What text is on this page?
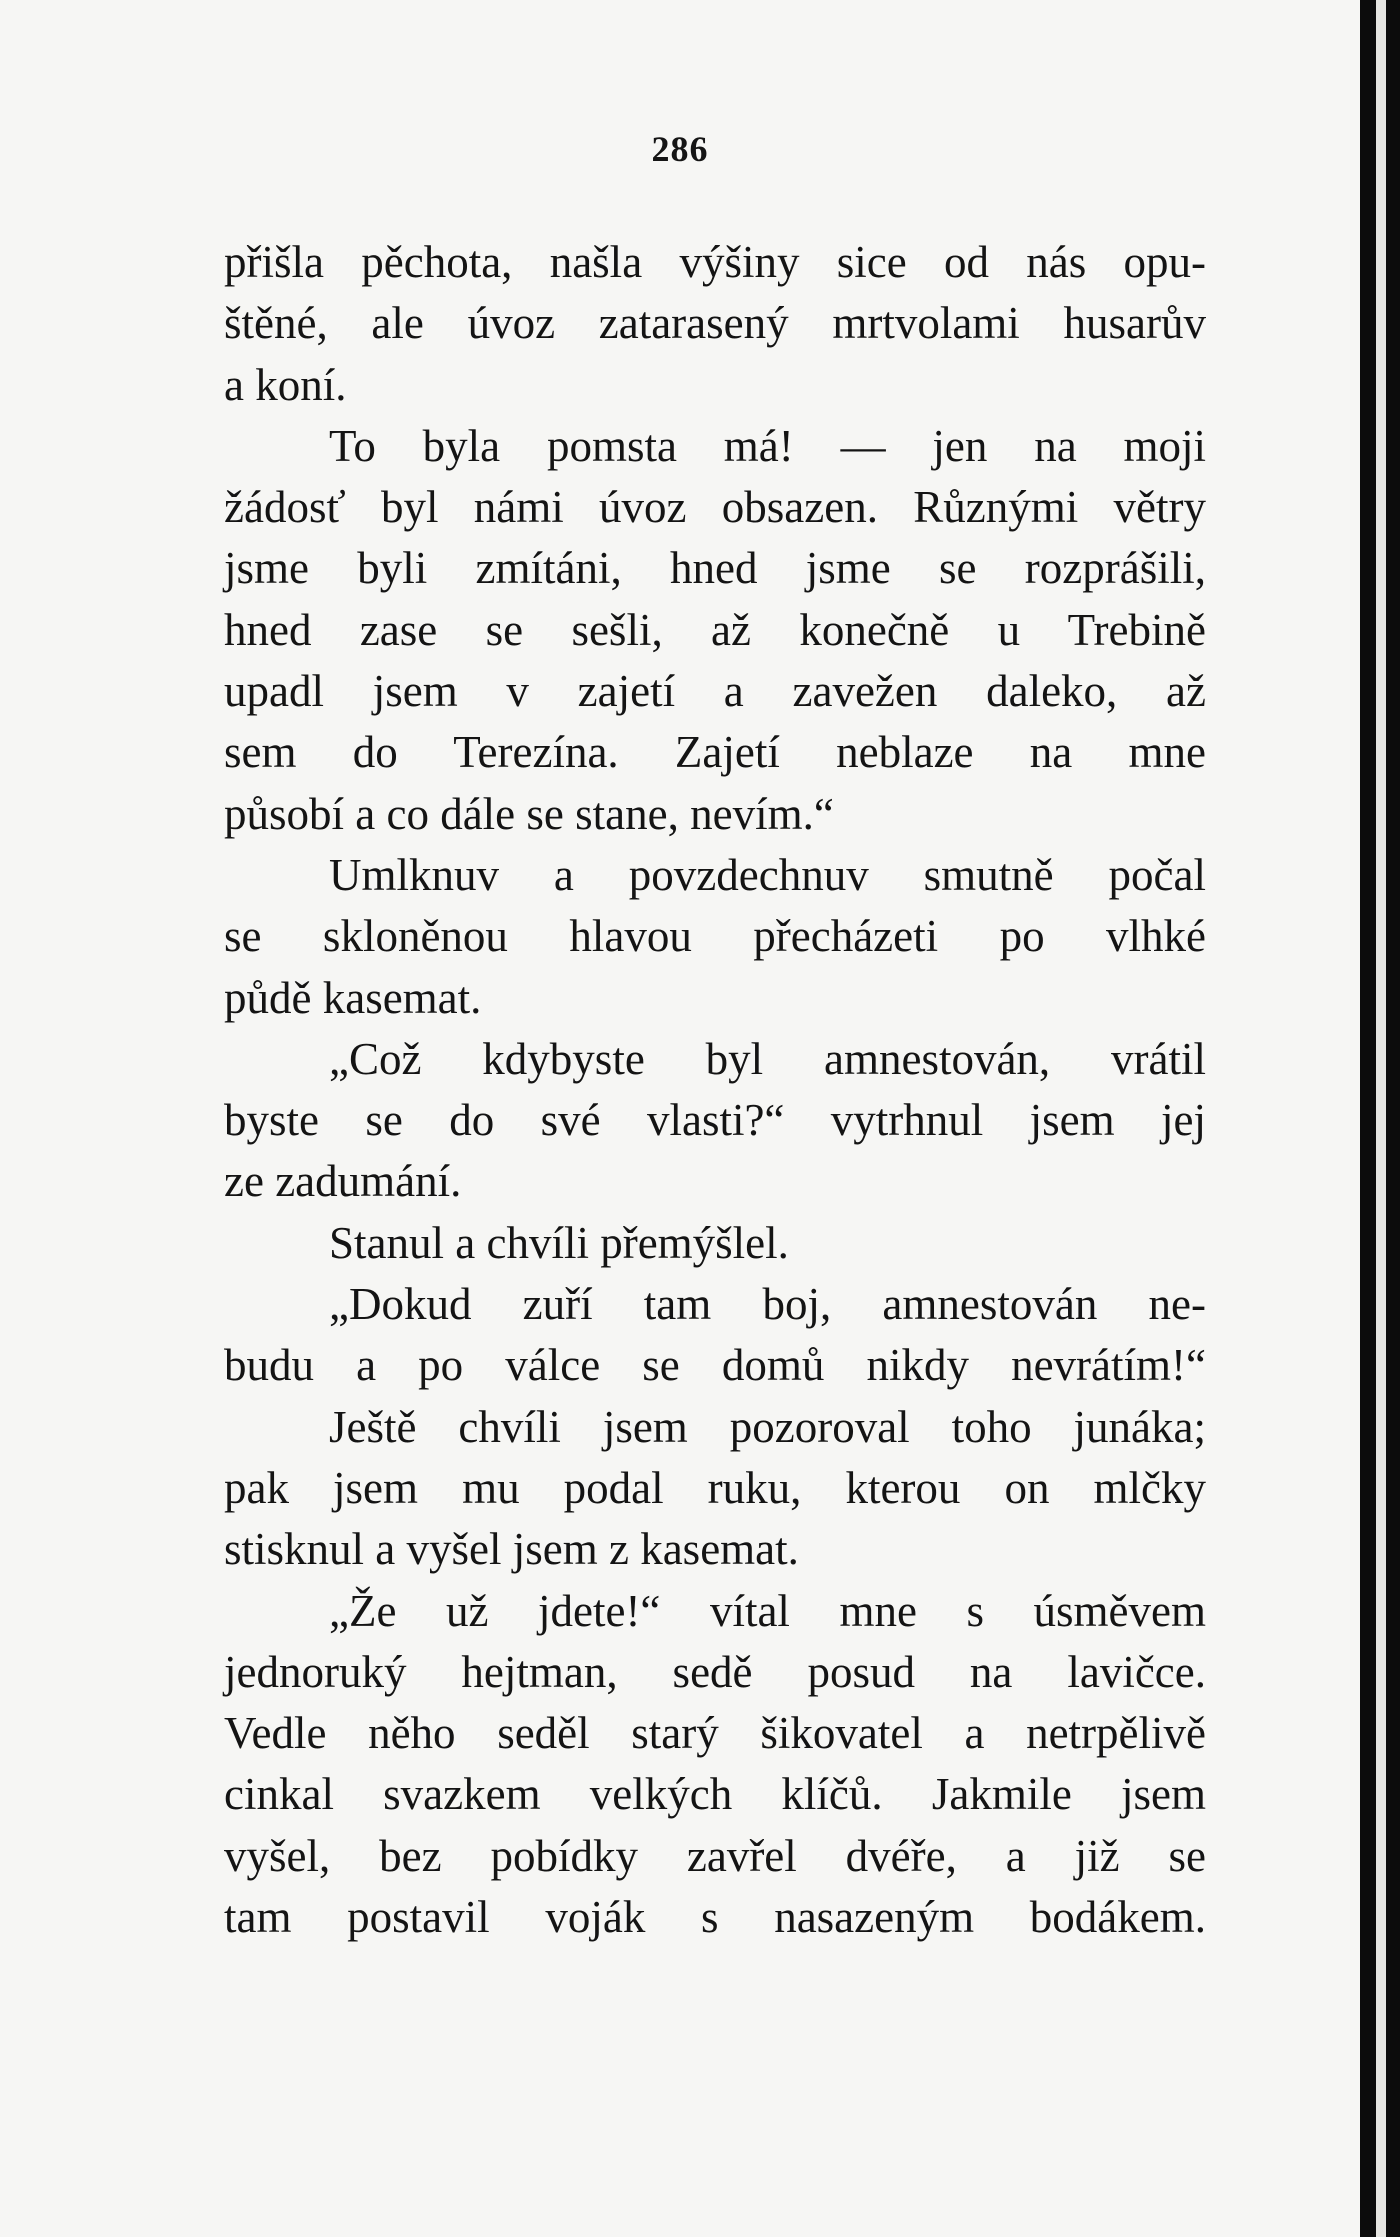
286
přišla pěchota, našla výšiny sice od nás opu-
štěné, ale úvoz zatarasený mrtvolami husarův
a koní.
To byla pomsta má! — jen na moji
žádosť byl námi úvoz obsazen. Různými větry
jsme byli zmítáni, hned jsme se rozprášili,
hned zase se sešli, až konečně u Trebině
upadl jsem v zajetí a zavežen daleko, až
sem do Terezína. Zajetí neblaze na mne
působí a co dále se stane, nevím.“
Umlknuv a povzdechnuv smutně počal
se skloněnou hlavou přecházeti po vlhké
půdě kasemat.
„Což kdybyste byl amnestován, vrátil
byste se do své vlasti?“ vytrhnul jsem jej
ze zadumání.
Stanul a chvíli přemýšlel.
„Dokud zuří tam boj, amnestován ne-
budu a po válce se domů nikdy nevrátím!“
Ještě chvíli jsem pozoroval toho junáka;
pak jsem mu podal ruku, kterou on mlčky
stisknul a vyšel jsem z kasemat.
„Že už jdete!“ vítal mne s úsměvem
jednoruký hejtman, sedě posud na lavičce.
Vedle něho seděl starý šikovatel a netrpělivě
cinkal svazkem velkých klíčů. Jakmile jsem
vyšel, bez pobídky zavřel dvéře, a již se
tam postavil voják s nasazeným bodákem.
